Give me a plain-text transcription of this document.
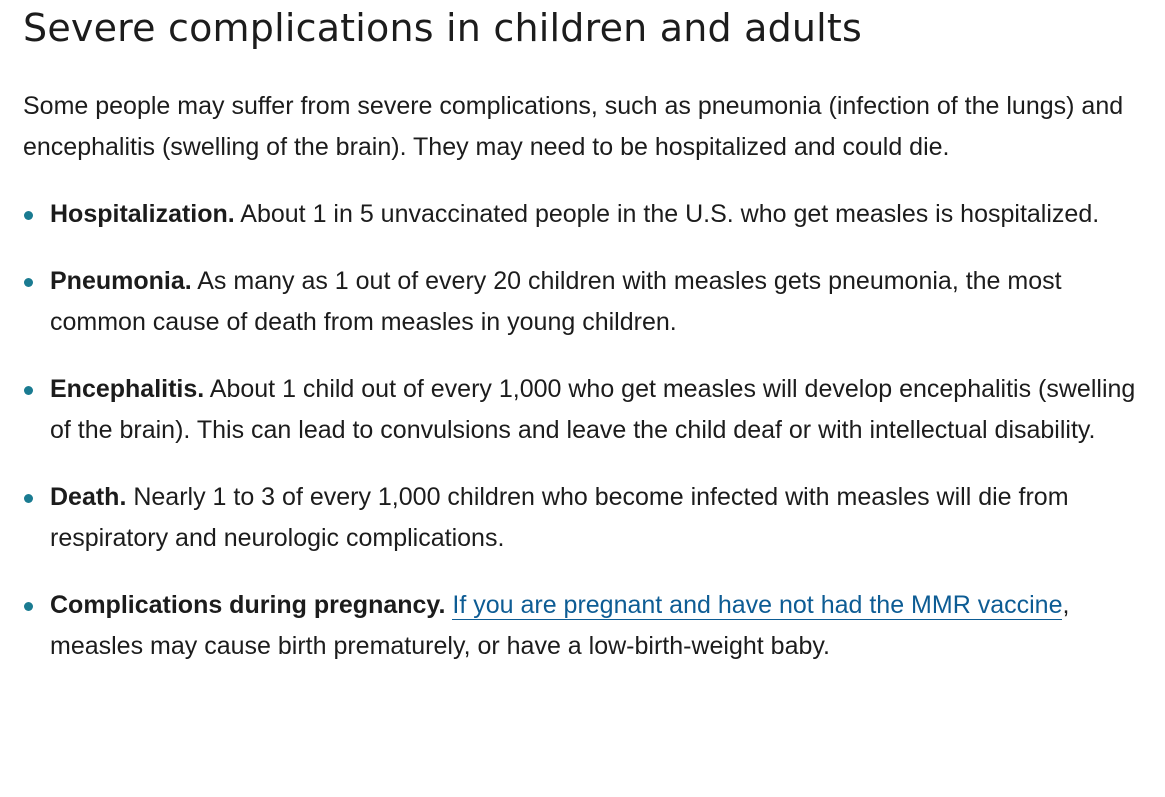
Severe complications in children and adults

Some people may suffer from severe complications, such as pneumonia (infection of the lungs) and encephalitis (swelling of the brain). They may need to be hospitalized and could die.

Hospitalization. About 1 in 5 unvaccinated people in the U.S. who get measles is hospitalized.
Pneumonia. As many as 1 out of every 20 children with measles gets pneumonia, the most common cause of death from measles in young children.
Encephalitis. About 1 child out of every 1,000 who get measles will develop encephalitis (swelling of the brain). This can lead to convulsions and leave the child deaf or with intellectual disability.
Death. Nearly 1 to 3 of every 1,000 children who become infected with measles will die from respiratory and neurologic complications.
Complications during pregnancy. If you are pregnant and have not had the MMR vaccine, measles may cause birth prematurely, or have a low-birth-weight baby.
